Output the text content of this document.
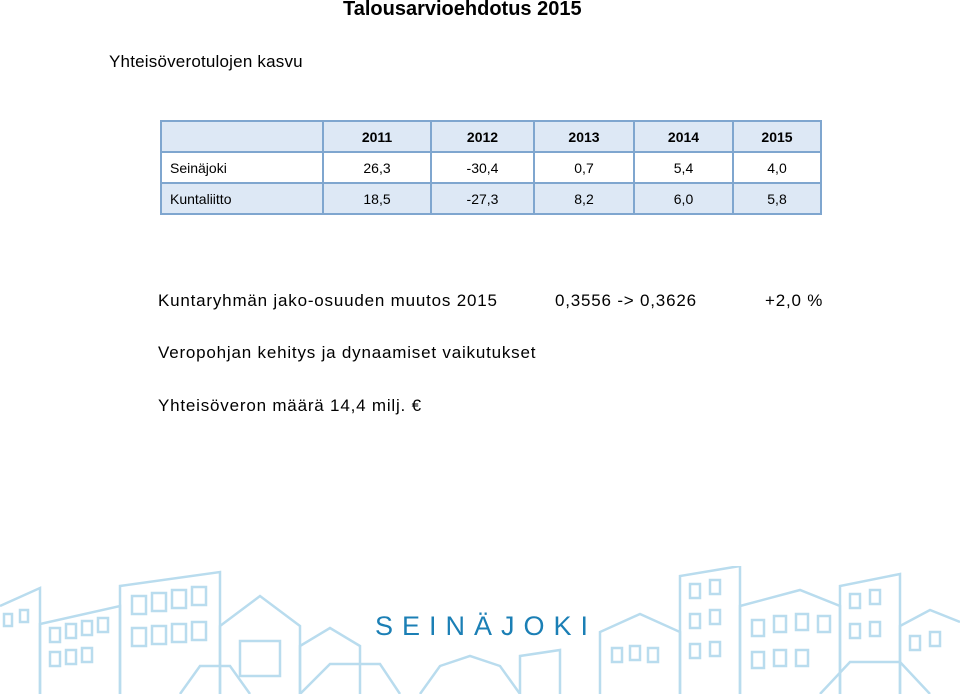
Talousarvioehdotus 2015
Yhteisöverotulojen kasvu
	2011	2012	2013	2014	2015
Seinäjoki	26,3	-30,4	0,7	5,4	4,0
Kuntaliitto	18,5	-27,3	8,2	6,0	5,8
Kuntaryhmän jako-osuuden muutos 2015	0,3556 -> 0,3626	+2,0 %
Veropohjan kehitys ja dynaamiset vaikutukset
Yhteisöveron määrä 14,4 milj. €
SEINÄJOKI
